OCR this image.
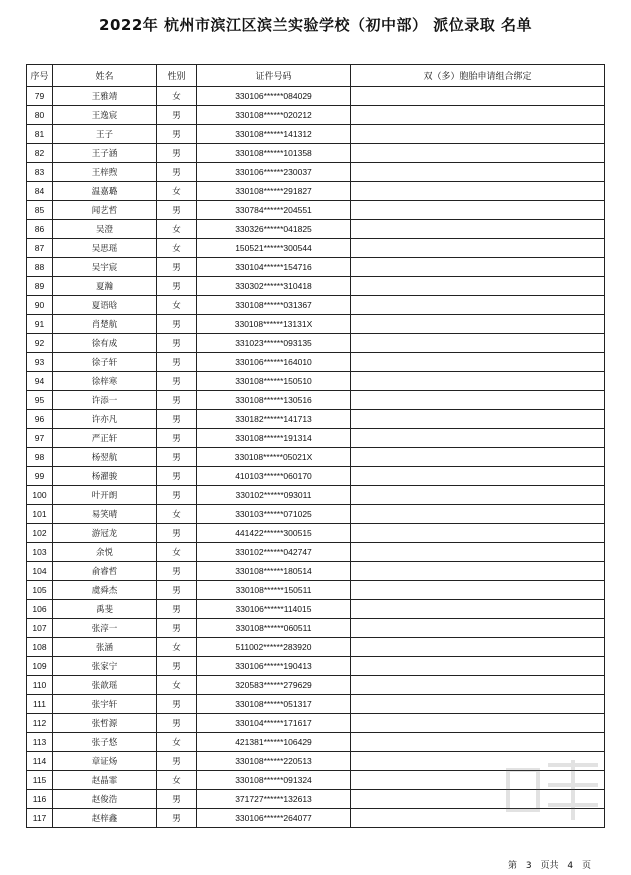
2022年 杭州市滨江区滨兰实验学校（初中部） 派位录取 名单
序号	姓名	性别	证件号码	双（多）胞胎申请组合绑定
79	王雅靖	女	330106******084029	
80	王逸宸	男	330108******020212	
81	王子	男	330108******141312	
82	王子涵	男	330108******101358	
83	王梓煦	男	330106******230037	
84	温嘉璐	女	330108******291827	
85	闻艺哲	男	330784******204551	
86	吴澄	女	330326******041825	
87	吴思瑶	女	150521******300544	
88	吴宇宸	男	330104******154716	
89	夏瀚	男	330302******310418	
90	夏语晗	女	330108******031367	
91	肖楚航	男	330108******13131X	
92	徐有成	男	331023******093135	
93	徐子轩	男	330106******164010	
94	徐梓寒	男	330108******150510	
95	许添一	男	330108******130516	
96	许亦凡	男	330182******141713	
97	严正轩	男	330108******191314	
98	杨翌航	男	330108******05021X	
99	杨濯骏	男	410103******060170	
100	叶开朗	男	330102******093011	
101	易笑晴	女	330103******071025	
102	游冠龙	男	441422******300515	
103	余悦	女	330102******042747	
104	俞睿哲	男	330108******180514	
105	虞舜杰	男	330108******150511	
106	禹斐	男	330106******114015	
107	张淳一	男	330108******060511	
108	张涵	女	511002******283920	
109	张家宁	男	330106******190413	
110	张歆瑶	女	320583******279629	
111	张宇轩	男	330108******051317	
112	张哲源	男	330104******171617	
113	张子悠	女	421381******106429	
114	章证炀	男	330108******220513	
115	赵晶霏	女	330108******091324	
116	赵俊浩	男	371727******132613	
117	赵梓鑫	男	330106******264077	
第 3 页共 4 页
